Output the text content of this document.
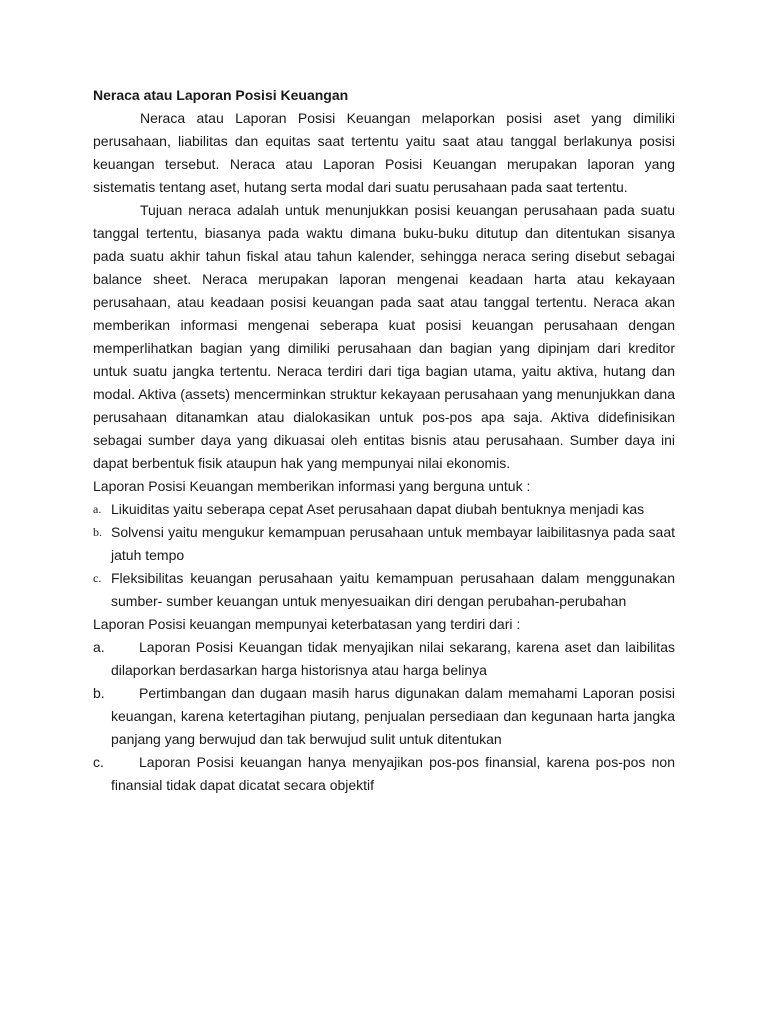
Neraca atau Laporan Posisi Keuangan

Neraca atau Laporan Posisi Keuangan melaporkan posisi aset yang dimiliki perusahaan, liabilitas dan equitas saat tertentu yaitu saat atau tanggal berlakunya posisi keuangan tersebut. Neraca atau Laporan Posisi Keuangan merupakan laporan yang sistematis tentang aset, hutang serta modal dari suatu perusahaan pada saat tertentu.

Tujuan neraca adalah untuk menunjukkan posisi keuangan perusahaan pada suatu tanggal tertentu, biasanya pada waktu dimana buku-buku ditutup dan ditentukan sisanya pada suatu akhir tahun fiskal atau tahun kalender, sehingga neraca sering disebut sebagai balance sheet. Neraca merupakan laporan mengenai keadaan harta atau kekayaan perusahaan, atau keadaan posisi keuangan pada saat atau tanggal tertentu. Neraca akan memberikan informasi mengenai seberapa kuat posisi keuangan perusahaan dengan memperlihatkan bagian yang dimiliki perusahaan dan bagian yang dipinjam dari kreditor untuk suatu jangka tertentu. Neraca terdiri dari tiga bagian utama, yaitu aktiva, hutang dan modal. Aktiva (assets) mencerminkan struktur kekayaan perusahaan yang menunjukkan dana perusahaan ditanamkan atau dialokasikan untuk pos-pos apa saja. Aktiva didefinisikan sebagai sumber daya yang dikuasai oleh entitas bisnis atau perusahaan. Sumber daya ini dapat berbentuk fisik ataupun hak yang mempunyai nilai ekonomis.

Laporan Posisi Keuangan memberikan informasi yang berguna untuk :

a. Likuiditas yaitu seberapa cepat Aset perusahaan dapat diubah bentuknya menjadi kas
b. Solvensi yaitu mengukur kemampuan perusahaan untuk membayar laibilitasnya pada saat jatuh tempo
c. Fleksibilitas keuangan perusahaan yaitu kemampuan perusahaan dalam menggunakan sumber- sumber keuangan untuk menyesuaikan diri dengan perubahan-perubahan

Laporan Posisi keuangan mempunyai keterbatasan yang terdiri dari :

a.	Laporan Posisi Keuangan tidak menyajikan nilai sekarang, karena aset dan laibilitas dilaporkan berdasarkan harga historisnya atau harga belinya
b.	Pertimbangan dan dugaan masih harus digunakan dalam memahami Laporan posisi keuangan, karena ketertagihan piutang, penjualan persediaan dan kegunaan harta jangka panjang yang berwujud dan tak berwujud sulit untuk ditentukan
c.	Laporan Posisi keuangan hanya menyajikan pos-pos finansial, karena pos-pos non finansial tidak dapat dicatat secara objektif
